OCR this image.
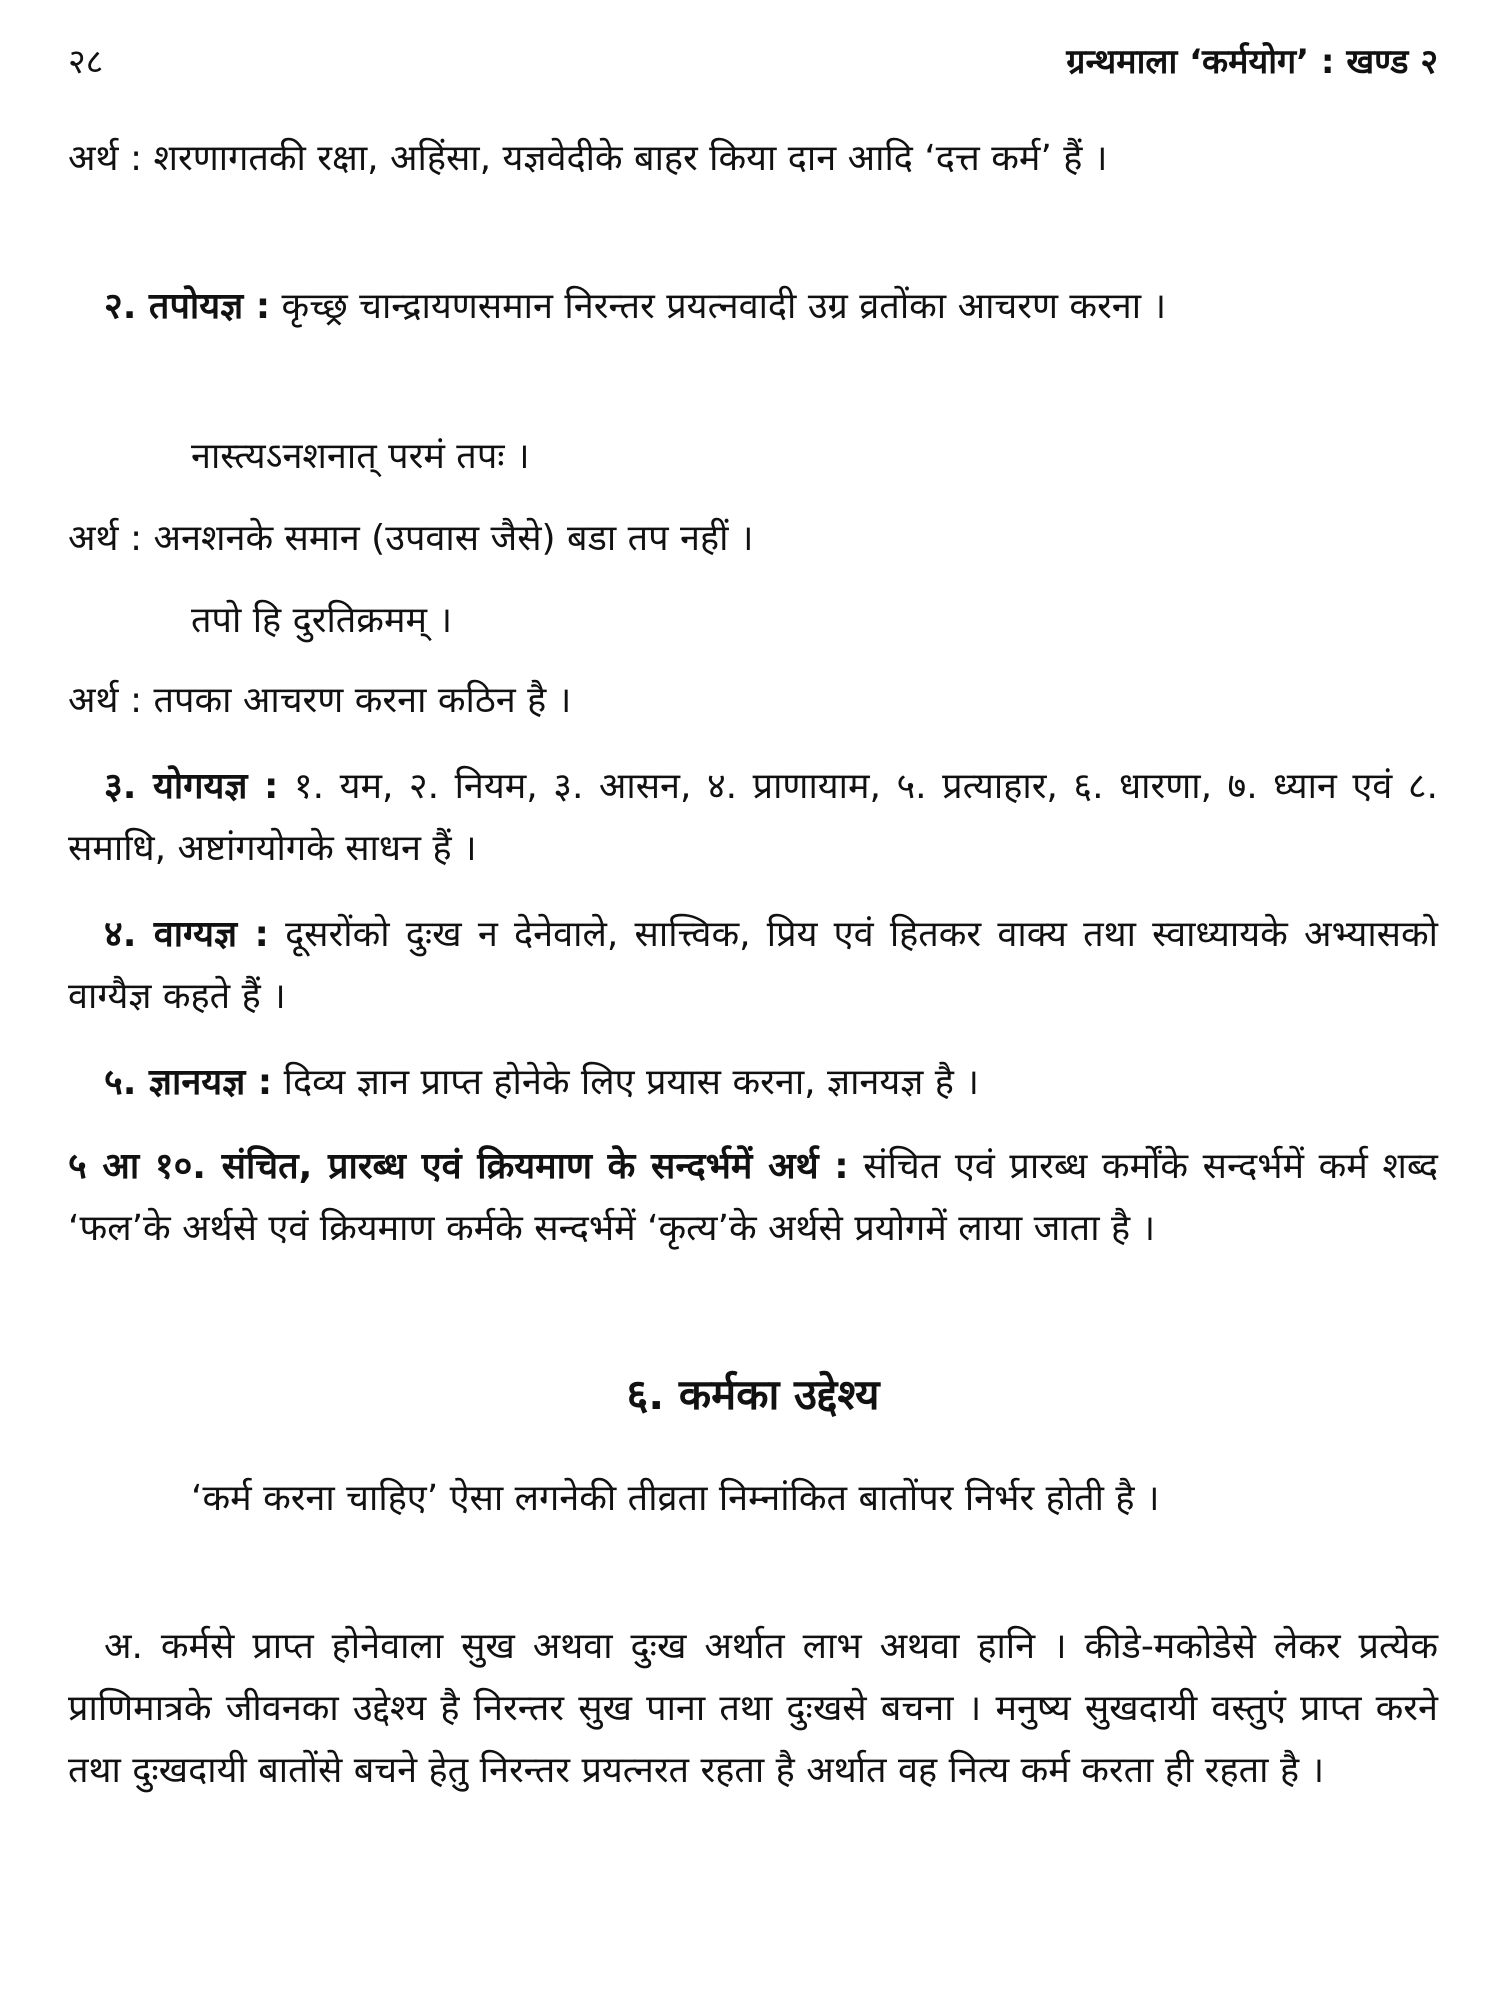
२८	ग्रन्थमाला ‘कर्मयोग’ : खण्ड २

अर्थ : शरणागतकी रक्षा, अहिंसा, यज्ञवेदीके बाहर किया दान आदि ‘दत्त कर्म’ हैं ।

२. तपोयज्ञ : कृच्छ्र चान्द्रायणसमान निरन्तर प्रयत्नवादी उग्र व्रतोंका आचरण करना ।

नास्त्यऽनशनात् परमं तपः ।

अर्थ : अनशनके समान (उपवास जैसे) बडा तप नहीं ।

तपो हि दुरतिक्रमम् ।

अर्थ : तपका आचरण करना कठिन है ।

३. योगयज्ञ : १. यम, २. नियम, ३. आसन, ४. प्राणायाम, ५. प्रत्याहार, ६. धारणा, ७. ध्यान एवं ८. समाधि, अष्टांगयोगके साधन हैं ।

४. वाग्यज्ञ : दूसरोंको दुःख न देनेवाले, सात्त्विक, प्रिय एवं हितकर वाक्य तथा स्वाध्यायके अभ्यासको वाग्यैज्ञ कहते हैं ।

५. ज्ञानयज्ञ : दिव्य ज्ञान प्राप्त होनेके लिए प्रयास करना, ज्ञानयज्ञ है ।

५ आ १०. संचित, प्रारब्ध एवं क्रियमाण के सन्दर्भमें अर्थ : संचित एवं प्रारब्ध कर्मोंके सन्दर्भमें कर्म शब्द ‘फल’के अर्थसे एवं क्रियमाण कर्मके सन्दर्भमें ‘कृत्य’के अर्थसे प्रयोगमें लाया जाता है ।

६. कर्मका उद्देश्य

‘कर्म करना चाहिए’ ऐसा लगनेकी तीव्रता निम्नांकित बातोंपर निर्भर होती है ।

अ. कर्मसे प्राप्त होनेवाला सुख अथवा दुःख अर्थात लाभ अथवा हानि । कीडे-मकोडेसे लेकर प्रत्येक प्राणिमात्रके जीवनका उद्देश्य है निरन्तर सुख पाना तथा दुःखसे बचना । मनुष्य सुखदायी वस्तुएं प्राप्त करने तथा दुःखदायी बातोंसे बचने हेतु निरन्तर प्रयत्नरत रहता है अर्थात वह नित्य कर्म करता ही रहता है ।
